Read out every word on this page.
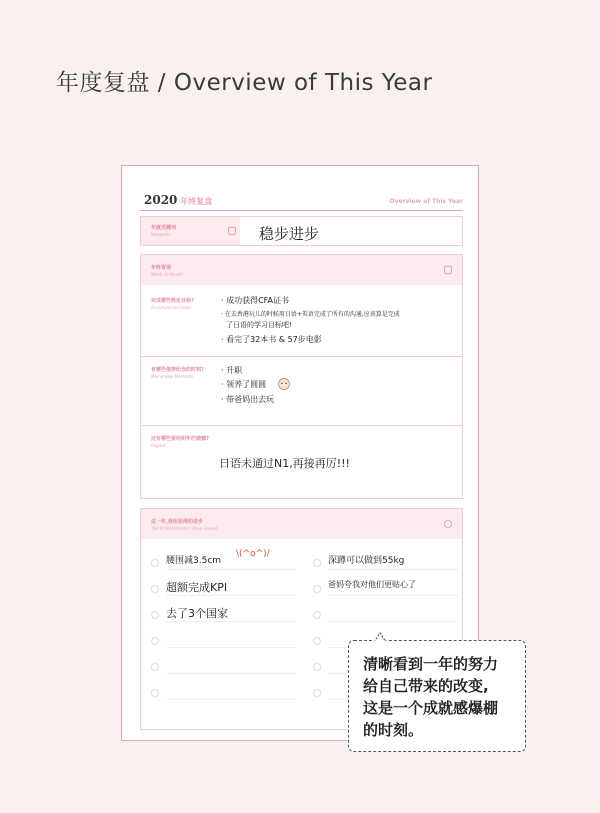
年度复盘 / Overview of This Year
2020 年终复盘	Overview of This Year
年度关键词
Keywords	稳步进步
年终寄语
Words to Myself
完成哪些既定目标?
Accomplished Goals
· 成功获得CFA证书
· 在去香港玩儿的时候用日语+英语完成了所有的沟通,应该算是完成
了日语的学习目标吧!
· 看完了32本书 & 57步电影
有哪些值得纪念的时刻?
Memorable Moments
· 升职
· 领养了圆圆
· 带爸妈出去玩
还有哪些留给明年的遗憾?
Regrets
日语未通过N1,再接再厉!!!
这一年,我所获得的进步
The Achievements I Have Gained
腰围减3.5cm
超额完成KPI
去了3个国家
深蹲可以做到55kg
爸妈夸我对他们更贴心了
\(^o^)/
清晰看到一年的努力
给自己带来的改变,
这是一个成就感爆棚
的时刻。
